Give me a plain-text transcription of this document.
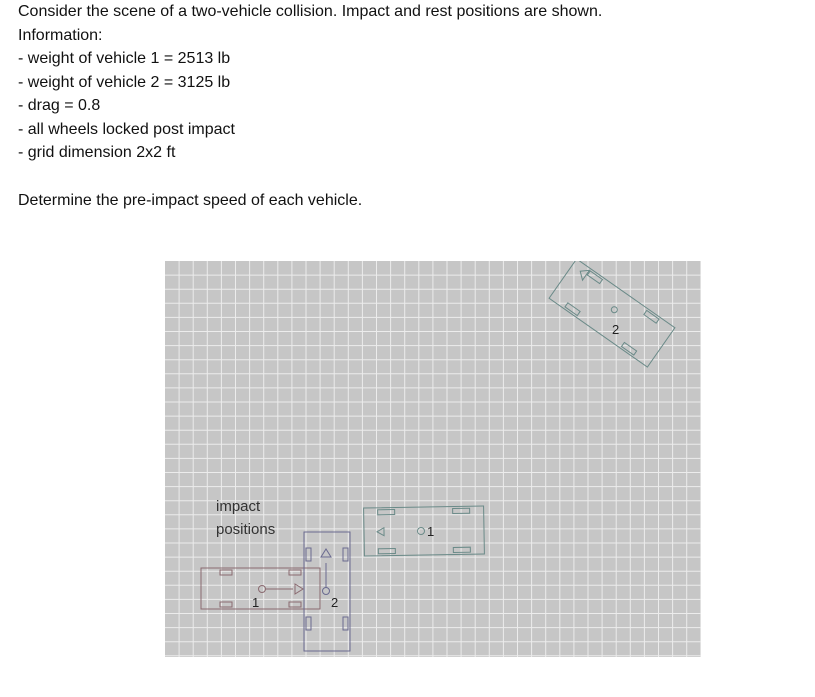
Consider the scene of a two-vehicle collision. Impact and rest positions are shown.

Information:

- weight of vehicle 1 = 2513 lb

- weight of vehicle 2 = 3125 lb

- drag = 0.8

- all wheels locked post impact

- grid dimension 2x2 ft

Determine the pre-impact speed of each vehicle.

impact
positions
1	2
1
2
